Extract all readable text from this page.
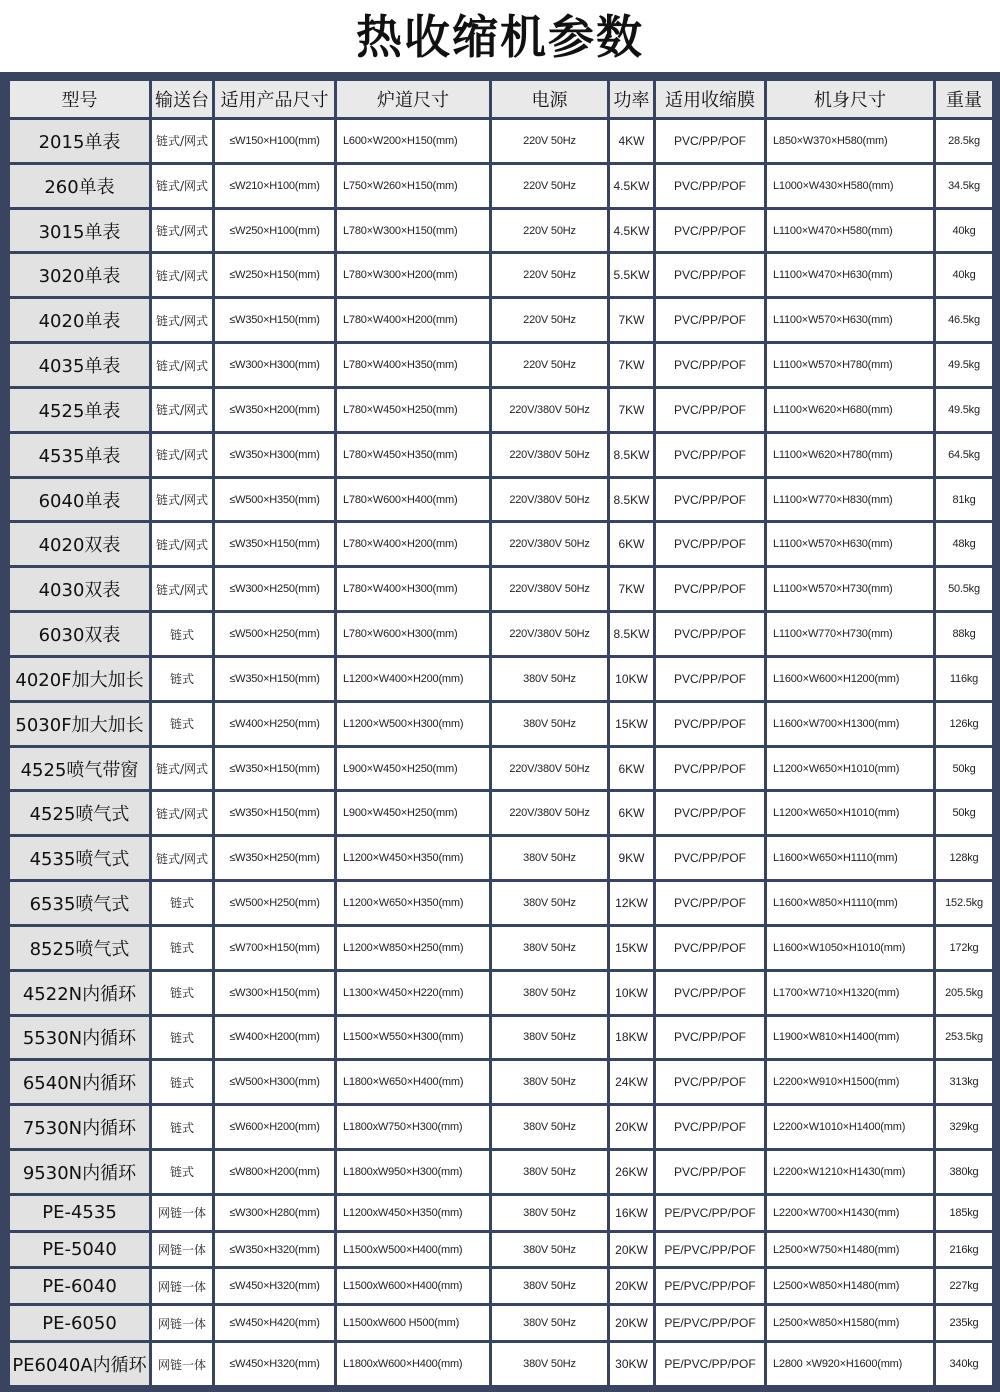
热收缩机参数
型号	输送台	适用产品尺寸	炉道尺寸	电源	功率	适用收缩膜	机身尺寸	重量
2015单表	链式/网式	≤W150×H100(mm)	L600×W200×H150(mm)	220V 50Hz	4KW	PVC/PP/POF	L850×W370×H580(mm)	28.5kg
260单表	链式/网式	≤W210×H100(mm)	L750×W260×H150(mm)	220V 50Hz	4.5KW	PVC/PP/POF	L1000×W430×H580(mm)	34.5kg
3015单表	链式/网式	≤W250×H100(mm)	L780×W300×H150(mm)	220V 50Hz	4.5KW	PVC/PP/POF	L1100×W470×H580(mm)	40kg
3020单表	链式/网式	≤W250×H150(mm)	L780×W300×H200(mm)	220V 50Hz	5.5KW	PVC/PP/POF	L1100×W470×H630(mm)	40kg
4020单表	链式/网式	≤W350×H150(mm)	L780×W400×H200(mm)	220V 50Hz	7KW	PVC/PP/POF	L1100×W570×H630(mm)	46.5kg
4035单表	链式/网式	≤W300×H300(mm)	L780×W400×H350(mm)	220V 50Hz	7KW	PVC/PP/POF	L1100×W570×H780(mm)	49.5kg
4525单表	链式/网式	≤W350×H200(mm)	L780×W450×H250(mm)	220V/380V 50Hz	7KW	PVC/PP/POF	L1100×W620×H680(mm)	49.5kg
4535单表	链式/网式	≤W350×H300(mm)	L780×W450×H350(mm)	220V/380V 50Hz	8.5KW	PVC/PP/POF	L1100×W620×H780(mm)	64.5kg
6040单表	链式/网式	≤W500×H350(mm)	L780×W600×H400(mm)	220V/380V 50Hz	8.5KW	PVC/PP/POF	L1100×W770×H830(mm)	81kg
4020双表	链式/网式	≤W350×H150(mm)	L780×W400×H200(mm)	220V/380V 50Hz	6KW	PVC/PP/POF	L1100×W570×H630(mm)	48kg
4030双表	链式/网式	≤W300×H250(mm)	L780×W400×H300(mm)	220V/380V 50Hz	7KW	PVC/PP/POF	L1100×W570×H730(mm)	50.5kg
6030双表	链式	≤W500×H250(mm)	L780×W600×H300(mm)	220V/380V 50Hz	8.5KW	PVC/PP/POF	L1100×W770×H730(mm)	88kg
4020F加大加长	链式	≤W350×H150(mm)	L1200×W400×H200(mm)	380V 50Hz	10KW	PVC/PP/POF	L1600×W600×H1200(mm)	116kg
5030F加大加长	链式	≤W400×H250(mm)	L1200×W500×H300(mm)	380V 50Hz	15KW	PVC/PP/POF	L1600×W700×H1300(mm)	126kg
4525喷气带窗	链式/网式	≤W350×H150(mm)	L900×W450×H250(mm)	220V/380V 50Hz	6KW	PVC/PP/POF	L1200×W650×H1010(mm)	50kg
4525喷气式	链式/网式	≤W350×H150(mm)	L900×W450×H250(mm)	220V/380V 50Hz	6KW	PVC/PP/POF	L1200×W650×H1010(mm)	50kg
4535喷气式	链式/网式	≤W350×H250(mm)	L1200×W450×H350(mm)	380V 50Hz	9KW	PVC/PP/POF	L1600×W650×H1110(mm)	128kg
6535喷气式	链式	≤W500×H250(mm)	L1200×W650×H350(mm)	380V 50Hz	12KW	PVC/PP/POF	L1600×W850×H1110(mm)	152.5kg
8525喷气式	链式	≤W700×H150(mm)	L1200×W850×H250(mm)	380V 50Hz	15KW	PVC/PP/POF	L1600×W1050×H1010(mm)	172kg
4522N内循环	链式	≤W300×H150(mm)	L1300×W450×H220(mm)	380V 50Hz	10KW	PVC/PP/POF	L1700×W710×H1320(mm)	205.5kg
5530N内循环	链式	≤W400×H200(mm)	L1500×W550×H300(mm)	380V 50Hz	18KW	PVC/PP/POF	L1900×W810×H1400(mm)	253.5kg
6540N内循环	链式	≤W500×H300(mm)	L1800×W650×H400(mm)	380V 50Hz	24KW	PVC/PP/POF	L2200×W910×H1500(mm)	313kg
7530N内循环	链式	≤W600×H200(mm)	L1800xW750×H300(mm)	380V 50Hz	20KW	PVC/PP/POF	L2200×W1010×H1400(mm)	329kg
9530N内循环	链式	≤W800×H200(mm)	L1800xW950×H300(mm)	380V 50Hz	26KW	PVC/PP/POF	L2200×W1210×H1430(mm)	380kg
PE-4535	网链一体	≤W300×H280(mm)	L1200xW450×H350(mm)	380V 50Hz	16KW	PE/PVC/PP/POF	L2200×W700×H1430(mm)	185kg
PE-5040	网链一体	≤W350×H320(mm)	L1500xW500×H400(mm)	380V 50Hz	20KW	PE/PVC/PP/POF	L2500×W750×H1480(mm)	216kg
PE-6040	网链一体	≤W450×H320(mm)	L1500xW600×H400(mm)	380V 50Hz	20KW	PE/PVC/PP/POF	L2500×W850×H1480(mm)	227kg
PE-6050	网链一体	≤W450×H420(mm)	L1500xW600 H500(mm)	380V 50Hz	20KW	PE/PVC/PP/POF	L2500×W850×H1580(mm)	235kg
PE6040A内循环	网链一体	≤W450×H320(mm)	L1800xW600×H400(mm)	380V 50Hz	30KW	PE/PVC/PP/POF	L2800 ×W920×H1600(mm)	340kg
